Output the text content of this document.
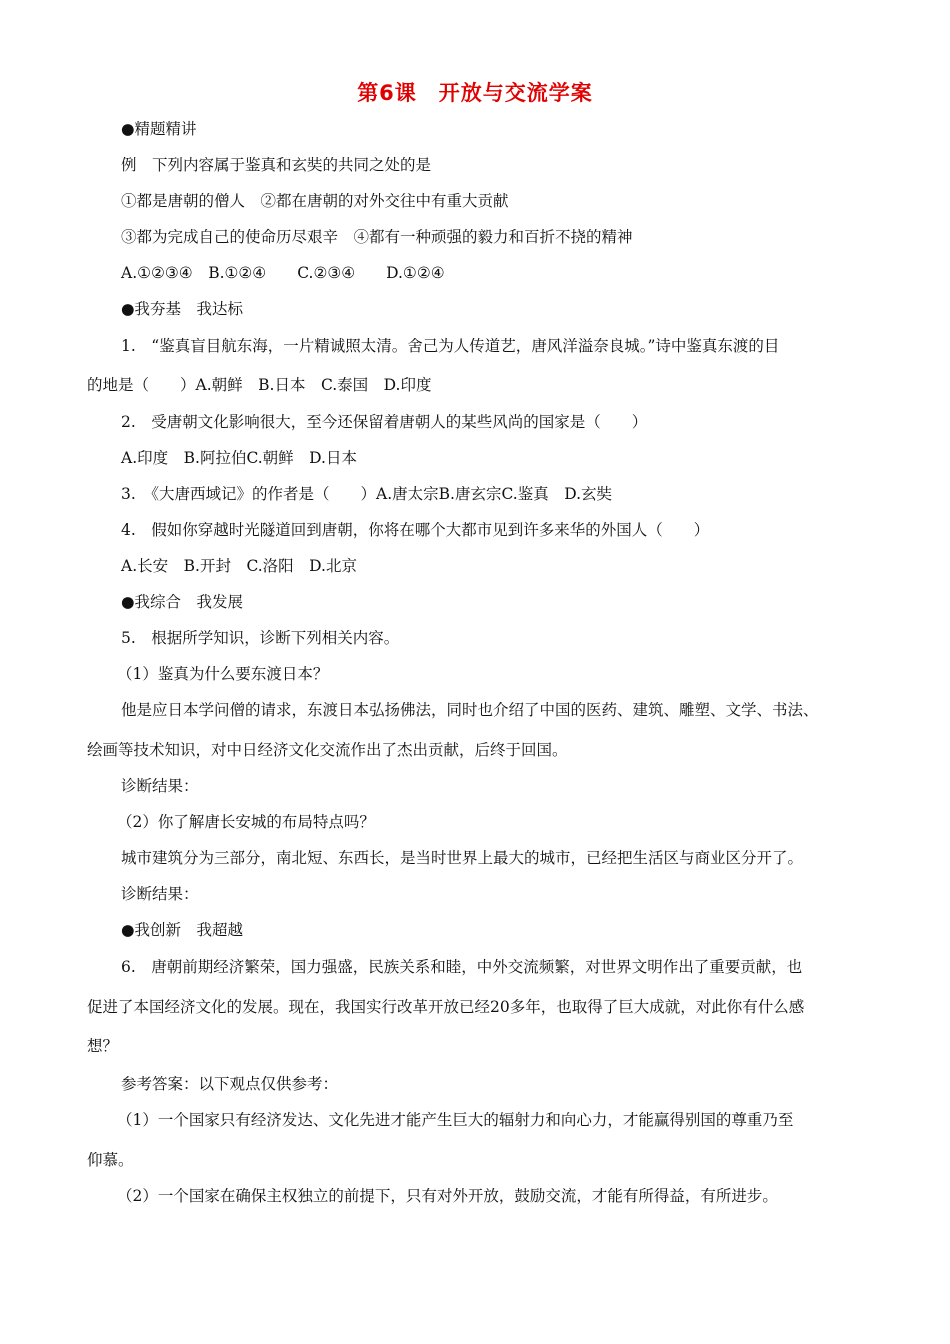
第6课　开放与交流学案
●精题精讲
例　下列内容属于鉴真和玄奘的共同之处的是
①都是唐朝的僧人　②都在唐朝的对外交往中有重大贡献
③都为完成自己的使命历尽艰辛　④都有一种顽强的毅力和百折不挠的精神
A.①②③④　B.①②④　　C.②③④　　D.①②④
●我夯基　我达标
1.　“鉴真盲目航东海，一片精诚照太清。舍己为人传道艺，唐风洋溢奈良城。”诗中鉴真东渡的目
的地是（　　）A.朝鲜　B.日本　C.泰国　D.印度
2.　受唐朝文化影响很大，至今还保留着唐朝人的某些风尚的国家是（　　）
A.印度　B.阿拉伯C.朝鲜　D.日本
3.　《大唐西域记》的作者是（　　）A.唐太宗B.唐玄宗C.鉴真　D.玄奘
4.　假如你穿越时光隧道回到唐朝，你将在哪个大都市见到许多来华的外国人（　　）
A.长安　B.开封　C.洛阳　D.北京
●我综合　我发展
5.　根据所学知识，诊断下列相关内容。
（1）鉴真为什么要东渡日本？
他是应日本学问僧的请求，东渡日本弘扬佛法，同时也介绍了中国的医药、建筑、雕塑、文学、书法、
绘画等技术知识，对中日经济文化交流作出了杰出贡献，后终于回国。
诊断结果：
（2）你了解唐长安城的布局特点吗？
城市建筑分为三部分，南北短、东西长，是当时世界上最大的城市，已经把生活区与商业区分开了。
诊断结果：
●我创新　我超越
6.　唐朝前期经济繁荣，国力强盛，民族关系和睦，中外交流频繁，对世界文明作出了重要贡献，也
促进了本国经济文化的发展。现在，我国实行改革开放已经20多年，也取得了巨大成就，对此你有什么感
想？
参考答案：以下观点仅供参考：
（1）一个国家只有经济发达、文化先进才能产生巨大的辐射力和向心力，才能赢得别国的尊重乃至
仰慕。
（2）一个国家在确保主权独立的前提下，只有对外开放，鼓励交流，才能有所得益，有所进步。
